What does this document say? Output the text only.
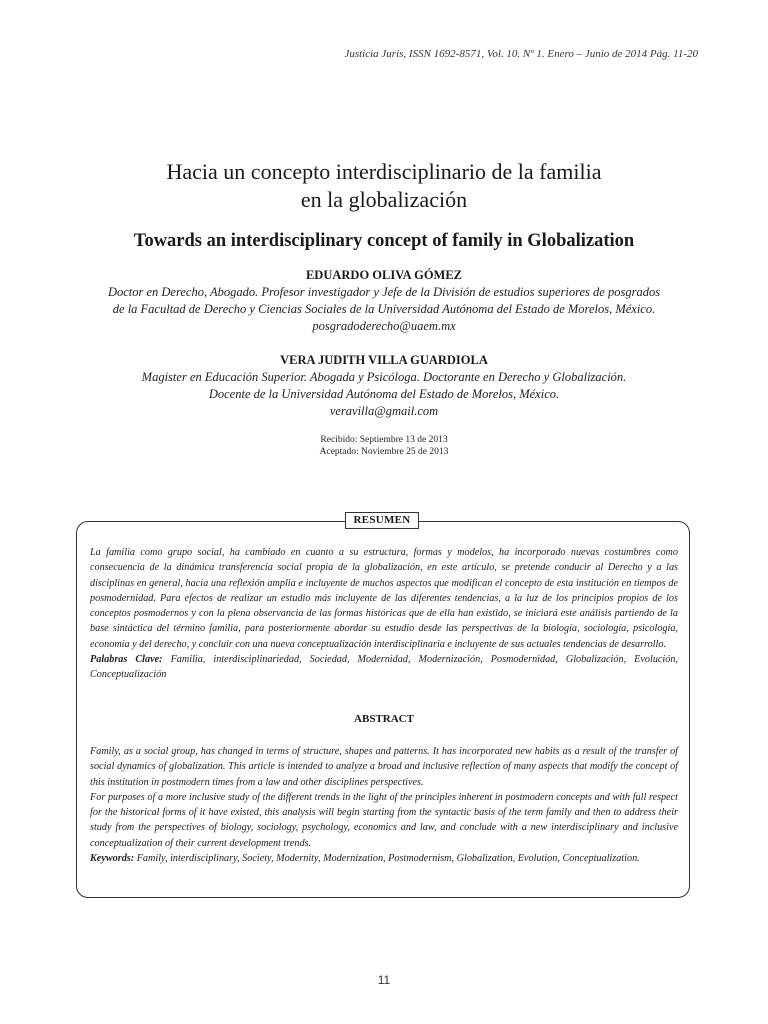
Justicia Juris, ISSN 1692-8571, Vol. 10. Nº 1. Enero – Junio de 2014 Pág. 11-20
Hacia un concepto interdisciplinario de la familia
en la globalización
Towards an interdisciplinary concept of family in Globalization
EDUARDO OLIVA GÓMEZ
Doctor en Derecho, Abogado. Profesor investigador y Jefe de la División de estudios superiores de posgrados
de la Facultad de Derecho y Ciencias Sociales de la Universidad Autónoma del Estado de Morelos, México.
posgradoderecho@uaem.mx
VERA JUDITH VILLA GUARDIOLA
Magister en Educación Superior. Abogada y Psicóloga. Doctorante en Derecho y Globalización.
Docente de la Universidad Autónoma del Estado de Morelos, México.
veravilla@gmail.com
Recibido: Septiembre 13 de 2013
Aceptado: Noviembre 25 de 2013
RESUMEN

La familia como grupo social, ha cambiado en cuanto a su estructura, formas y modelos, ha incorporado nuevas costumbres como consecuencia de la dinámica transferencia social propia de la globalización, en este artículo, se pretende conducir al Derecho y a las disciplinas en general, hacia una reflexión amplia e incluyente de muchos aspectos que modifican el concepto de esta institución en tiempos de posmodernidad. Para efectos de realizar un estudio más incluyente de las diferentes tendencias, a la luz de los principios propios de los conceptos posmodernos y con la plena observancia de las formas históricas que de ella han existido, se iniciará este análisis partiendo de la base sintáctica del término familia, para posteriormente abordar su estudio desde las perspectivas de la biología, sociología, psicología, economía y del derecho, y concluir con una nueva conceptualización interdisciplinaria e incluyente de sus actuales tendencias de desarrollo.

Palabras Clave: Familia, interdisciplinariedad, Sociedad, Modernidad, Modernización, Posmodernidad, Globalización, Evolución, Conceptualización

ABSTRACT

Family, as a social group, has changed in terms of structure, shapes and patterns. It has incorporated new habits as a result of the transfer of social dynamics of globalization. This article is intended to analyze a broad and inclusive reflection of many aspects that modify the concept of this institution in postmodern times from a law and other disciplines perspectives.

For purposes of a more inclusive study of the different trends in the light of the principles inherent in postmodern concepts and with full respect for the historical forms of it have existed, this analysis will begin starting from the syntactic basis of the term family and then to address their study from the perspectives of biology, sociology, psychology, economics and law, and conclude with a new interdisciplinary and inclusive conceptualization of their current development trends.

Keywords: Family, interdisciplinary, Society, Modernity, Modernization, Postmodernism, Globalization, Evolution, Conceptualization.

11
